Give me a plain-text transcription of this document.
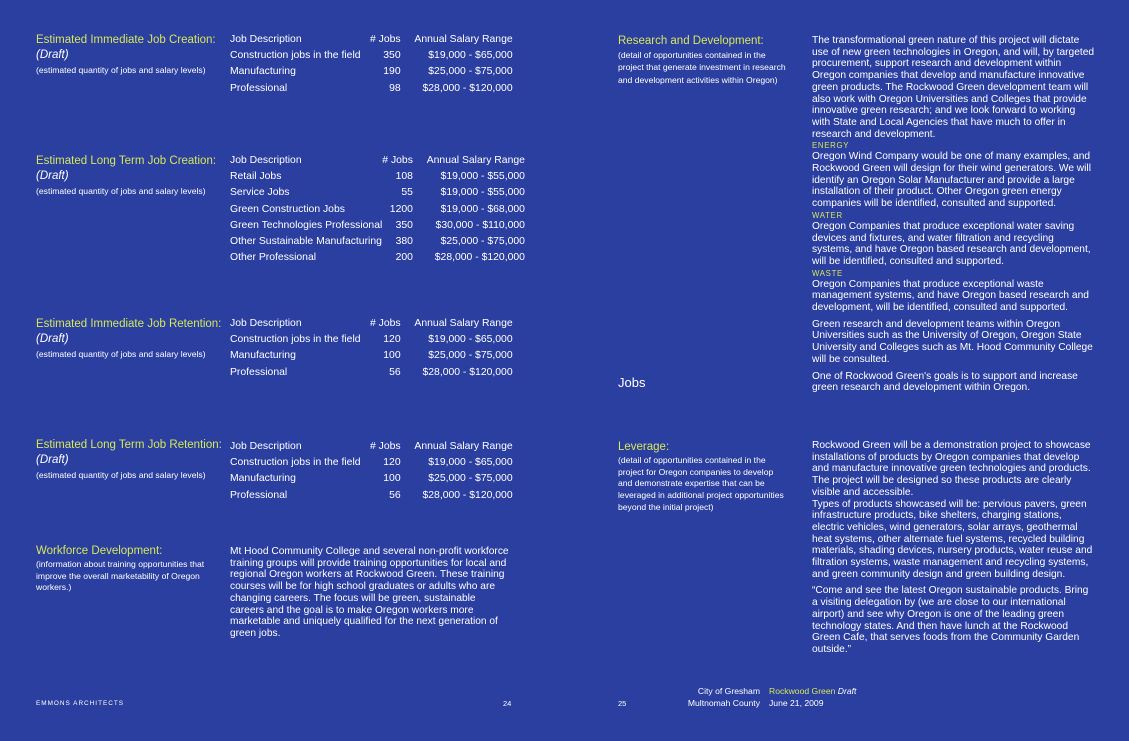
Estimated Immediate Job Creation:
(Draft)
(estimated quantity of jobs and salary levels)
Job Description	# Jobs	Annual Salary Range
Construction jobs in the field	350	$19,000 - $65,000
Manufacturing	190	$25,000 - $75,000
Professional	98	$28,000 - $120,000
Estimated Long Term Job Creation:
(Draft)
(estimated quantity of jobs and salary levels)
Job Description	# Jobs	Annual Salary Range
Retail Jobs	108	$19,000 - $55,000
Service Jobs	55	$19,000 - $55,000
Green Construction Jobs	1200	$19,000 - $68,000
Green Technologies Professional	350	$30,000 - $110,000
Other Sustainable Manufacturing	380	$25,000 - $75,000
Other Professional	200	$28,000 - $120,000
Estimated Immediate Job Retention:
(Draft)
(estimated quantity of jobs and salary levels)
Job Description	# Jobs	Annual Salary Range
Construction jobs in the field	120	$19,000 - $65,000
Manufacturing	100	$25,000 - $75,000
Professional	56	$28,000 - $120,000
Estimated Long Term Job Retention:
(Draft)
(estimated quantity of jobs and salary levels)
Job Description	# Jobs	Annual Salary Range
Construction jobs in the field	120	$19,000 - $65,000
Manufacturing	100	$25,000 - $75,000
Professional	56	$28,000 - $120,000
Workforce Development:
(information about training opportunities that improve the overall marketability of Oregon workers.)

Mt Hood Community College and several non-profit workforce training groups will provide training opportunities for local and regional Oregon workers at Rockwood Green. These training courses will be for high school graduates or adults who are changing careers. The focus will be green, sustainable careers and the goal is to make Oregon workers more marketable and uniquely qualified for the next generation of green jobs.

EMMONS ARCHITECTS	24
Research and Development:
(detail of opportunities contained in the project that generate investment in research and development activities within Oregon)

The transformational green nature of this project will dictate use of new green technologies in Oregon, and will, by targeted procurement, support research and development within Oregon companies that develop and manufacture innovative green products. The Rockwood Green development team will also work with Oregon Universities and Colleges that provide innovative green research; and we look forward to working with State and Local Agencies that have much to offer in research and development.

ENERGY

Oregon Wind Company would be one of many examples, and Rockwood Green will design for their wind generators. We will identify an Oregon Solar Manufacturer and provide a large installation of their product. Other Oregon green energy companies will be identified, consulted and supported.

WATER

Oregon Companies that produce exceptional water saving devices and fixtures, and water filtration and recycling systems, and have Oregon based research and development, will be identified, consulted and supported.

WASTE

Oregon Companies that produce exceptional waste management systems, and have Oregon based research and development, will be identified, consulted and supported.

Green research and development teams within Oregon Universities such as the University of Oregon, Oregon State University and Colleges such as Mt. Hood Community College will be consulted.

One of Rockwood Green's goals is to support and increase green research and development within Oregon.

Jobs
Leverage:
(detail of opportunities contained in the project for Oregon companies to develop and demonstrate expertise that can be leveraged in additional project opportunities beyond the initial project)

Rockwood Green will be a demonstration project to showcase installations of products by Oregon companies that develop and manufacture innovative green technologies and products. The project will be designed so these products are clearly visible and accessible.

Types of products showcased will be: pervious pavers, green infrastructure products, bike shelters, charging stations, electric vehicles, wind generators, solar arrays, geothermal heat systems, other alternate fuel systems, recycled building materials, shading devices, nursery products, water reuse and filtration systems, waste management and recycling systems, and green community design and green building design.

“Come and see the latest Oregon sustainable products. Bring a visiting delegation by (we are close to our international airport) and see why Oregon is one of the leading green technology states. And then have lunch at the Rockwood Green Cafe, that serves foods from the Community Garden outside.”

25
City of Gresham
Multnomah County
Rockwood Green Draft
June 21, 2009
